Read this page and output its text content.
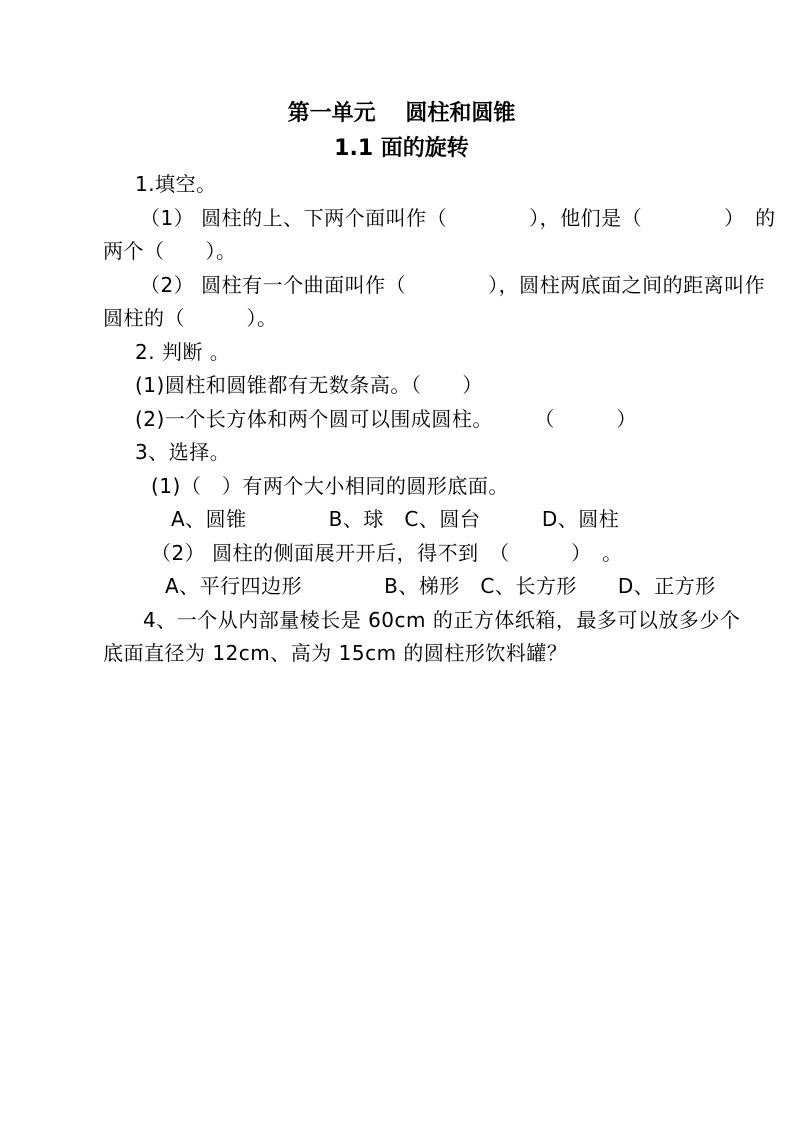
第一单元　 圆柱和圆锥
1.1 面的旋转
1.填空。
（1） 圆柱的上、下两个面叫作（　　　　），他们是（　　　　）　的
两个（　　）。
（2） 圆柱有一个曲面叫作（　　　　），圆柱两底面之间的距离叫作
圆柱的（　　　）。
2. 判断 。
(1)圆柱和圆锥都有无数条高。（　　）
(2)一个长方体和两个圆可以围成圆柱。　　　（　　　）
3、选择。
(1)（　）有两个大小相同的圆形底面。
A、圆锥　　　　B、球　C、圆台　　　D、圆柱
（2） 圆柱的侧面展开开后，得不到　（　　　）　。
A、平行四边形　　　　B、梯形　C、长方形　　D、正方形
4、一个从内部量棱长是 60cm 的正方体纸箱，最多可以放多少个
底面直径为 12cm、高为 15cm 的圆柱形饮料罐？
